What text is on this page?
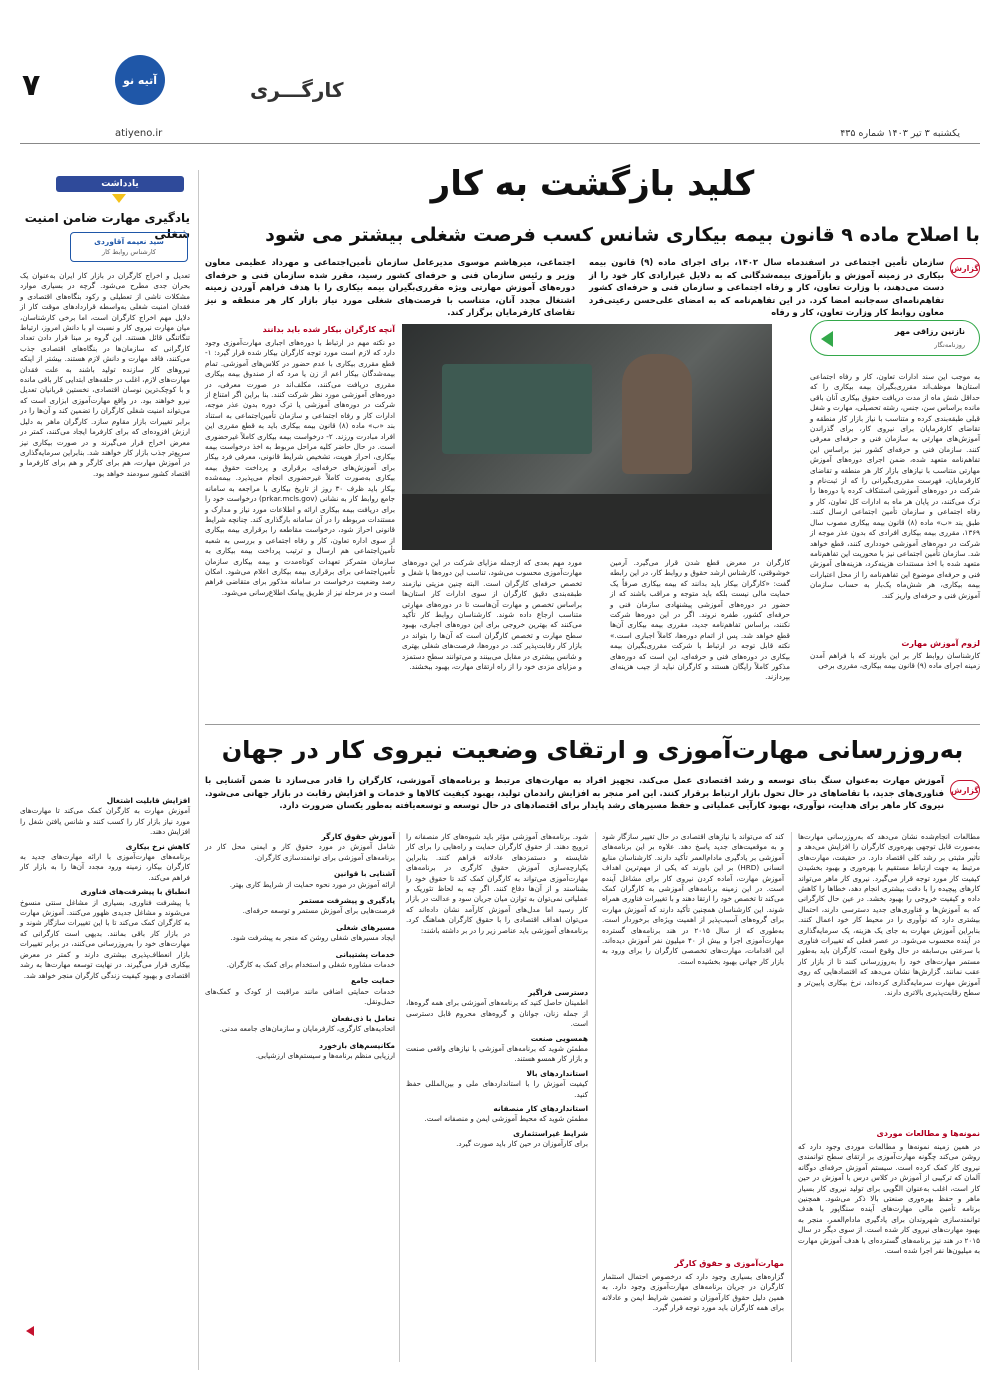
۷	آتیه نو	کارگـــری
atiyeno.ir	یکشنبه ۳ تیر ۱۴۰۳ شماره ۴۳۵
یادداشت
یادگیری مهارت ضامن امنیت شغلی
سید نعیمه آقاوردی
کارشناس روابط کار
تعدیل و اخراج کارگران در بازار کار ایران به‌عنوان یک بحران جدی مطرح می‌شود. گرچه در بسیاری موارد مشکلات ناشی از تعطیلی و رکود بنگاه‌های اقتصادی و فقدان امنیت شغلی به‌واسطه قراردادهای موقت کار از دلایل مهم اخراج کارگران است، اما برخی کارشناسان، میان مهارت نیروی کار و نسبت او با دانش امروز، ارتباط تنگاتنگی قائل هستند. این گروه بر مبنا قرار دادن تعداد کارگرانی که سازمان‌ها در بنگاه‌های اقتصادی جذب می‌کنند، فاقد مهارت و دانش لازم هستند. بیشتر از اینکه نیروهای کار سازنده تولید باشند به علت فقدان مهارت‌های لازم، اغلب در حلقه‌های ابتدایی کار باقی مانده و با کوچک‌ترین نوسان اقتصادی، نخستین قربانیان تعدیل نیرو خواهند بود. در واقع مهارت‌آموزی ابزاری است که می‌تواند امنیت شغلی کارگران را تضمین کند و آن‌ها را در برابر تغییرات بازار مقاوم سازد. کارگران ماهر به دلیل ارزش افزوده‌ای که برای کارفرما ایجاد می‌کنند، کمتر در معرض اخراج قرار می‌گیرند و در صورت بیکاری نیز سریع‌تر جذب بازار کار خواهند شد. بنابراین سرمایه‌گذاری در آموزش مهارت، هم برای کارگر و هم برای کارفرما و اقتصاد کشور سودمند خواهد بود.
افزایش قابلیت اشتغال
آموزش مهارت به کارگران کمک می‌کند تا مهارت‌های مورد نیاز بازار کار را کسب کنند و شانس یافتن شغل را افزایش دهند.
کاهش نرخ بیکاری
برنامه‌های مهارت‌آموزی با ارائه مهارت‌های جدید به کارگران بیکار، زمینه ورود مجدد آن‌ها را به بازار کار فراهم می‌کند.
انطباق با پیشرفت‌های فناوری
با پیشرفت فناوری، بسیاری از مشاغل سنتی منسوخ می‌شوند و مشاغل جدیدی ظهور می‌کنند. آموزش مهارت به کارگران کمک می‌کند تا با این تغییرات سازگار شوند و در بازار کار باقی بمانند. بدیهی است کارگرانی که مهارت‌های خود را به‌روزرسانی می‌کنند، در برابر تغییرات بازار انعطاف‌پذیری بیشتری دارند و کمتر در معرض بیکاری قرار می‌گیرند. در نهایت توسعه مهارت‌ها به رشد اقتصادی و بهبود کیفیت زندگی کارگران منجر خواهد شد.
کلید بازگشت به کار
با اصلاح ماده ۹ قانون بیمه بیکاری شانس کسب فرصت شغلی بیشتر می شود
گزارش
سازمان تأمین اجتماعی در اسفندماه سال ۱۴۰۲، برای اجرای ماده (۹) قانون بیمه بیکاری در زمینه آموزش و بازآموزی بیمه‌شدگانی که به دلایل غیرارادی کار خود را از دست می‌دهند، با وزارت تعاون، کار و رفاه اجتماعی و سازمان فنی و حرفه‌ای کشور تفاهم‌نامه‌ای سه‌جانبه امضا کرد. در این تفاهم‌نامه که به امضای علی‌حسن رعیتی‌فرد معاون روابط کار وزارت تعاون، کار و رفاه
اجتماعی، میرهاشم موسوی مدیرعامل سازمان تأمین‌اجتماعی و مهرداد عظیمی معاون وزیر و رئیس سازمان فنی و حرفه‌ای کشور رسید، مقرر شده سازمان فنی و حرفه‌ای دوره‌های آموزش مهارتی ویژه مقرری‌بگیران بیمه بیکاری را با هدف فراهم آوردن زمینه اشتغال مجدد آنان، متناسب با فرصت‌های شغلی مورد نیاز بازار کار هر منطقه و نیز تقاضای کارفرمایان برگزار کند.
نازنین رزاقی مهر
روزنامه‌نگار
به موجب این سند ادارات تعاون، کار و رفاه اجتماعی استان‌ها موظف‌اند مقرری‌بگیران بیمه بیکاری را که حداقل شش ماه از مدت دریافت حقوق بیکاری آنان باقی مانده براساس سن، جنس، رشته تحصیلی، مهارت و شغل قبلی طبقه‌بندی کرده و متناسب با نیاز بازار کار منطقه و تقاضای کارفرمایان برای نیروی کار، برای گذراندن آموزش‌های مهارتی به سازمان فنی و حرفه‌ای معرفی کنند. سازمان فنی و حرفه‌ای کشور نیز براساس این تفاهم‌نامه متعهد شده، ضمن اجرای دوره‌های آموزش مهارتی متناسب با نیازهای بازار کار هر منطقه و تقاضای کارفرمایان، فهرست مقرری‌بگیرانی را که از ثبت‌نام و شرکت در دوره‌های آموزشی استنکاف کرده یا دوره‌ها را ترک می‌کنند، در پایان هر ماه به ادارات کل تعاون، کار و رفاه اجتماعی و سازمان تأمین اجتماعی ارسال کنند. طبق بند «ب» ماده (۸) قانون بیمه بیکاری مصوب سال ۱۳۶۹، مقرری بیمه بیکاری افرادی که بدون عذر موجه از شرکت در دوره‌های آموزشی خودداری کنند، قطع خواهد شد. سازمان تأمین اجتماعی نیز با محوریت این تفاهم‌نامه متعهد شده با اخذ مستندات هزینه‌کرد، هزینه‌های آموزش فنی و حرفه‌ای موضوع این تفاهم‌نامه را از محل اعتبارات بیمه بیکاری، هر شش‌ماه یک‌بار به حساب سازمان آموزش فنی و حرفه‌ای واریز کند.
لزوم آموزش مهارت
کارشناسان روابط کار بر این باورند که با فراهم آمدن زمینه اجرای ماده (۹) قانون بیمه بیکاری، مقرری‌ برخی
کارگران در معرض قطع شدن قرار می‌گیرد. آرمین خوشوقتی، کارشناس ارشد حقوق و روابط کار، در این رابطه گفت: «کارگران بیکار باید بدانند که بیمه بیکاری صرفاً یک حمایت مالی نیست بلکه باید متوجه و مراقب باشند که از حضور در دوره‌های آموزشی پیشنهادی سازمان فنی و حرفه‌ای کشور، طفره نروند. اگر در این دوره‌ها شرکت نکنند، براساس تفاهم‌نامه جدید، مقرری بیمه بیکاری آن‌ها قطع خواهد شد. پس از اتمام دوره‌ها، کاملاً اجباری است.» نکته قابل توجه در ارتباط با شرکت مقرری‌بگیران بیمه بیکاری در دوره‌های فنی و حرفه‌ای، این است که دوره‌های مذکور کاملاً رایگان هستند و کارگران نباید از جیب هزینه‌ای بپردازند.
مورد مهم بعدی که ازجمله مزایای شرکت در این دوره‌های مهارت‌آموزی محسوب می‌شود، تناسب این دوره‌ها با شغل و تخصص حرفه‌ای کارگران است. البته چنین مزیتی نیازمند طبقه‌بندی دقیق کارگران از سوی ادارات کار استان‌ها براساس تخصص و مهارت آن‌هاست تا در دوره‌های مهارتی متناسب ارجاع داده شوند. کارشناسان روابط کار تأکید می‌کنند که بهترین خروجی برای این دوره‌های اجباری، بهبود سطح مهارت و تخصص کارگران است که آن‌ها را بتواند در بازار کار رقابت‌پذیر کند. در دوره‌ها، فرصت‌های شغلی بهتری و شانس بیشتری در مقابل می‌بینند و می‌توانند سطح دستمزد و مزایای مزدی خود را از راه ارتقای مهارت، بهبود ببخشند.
آنچه کارگران بیکار شده باید بدانند
دو نکته مهم در ارتباط با دوره‌های اجباری مهارت‌آموزی وجود دارد که لازم است مورد توجه کارگران بیکار شده قرار گیرد: ۱- قطع مقرری بیکاری با عدم حضور در کلاس‌های آموزشی. تمام بیمه‌شدگان بیکار اعم از زن یا مرد که از صندوق بیمه بیکاری مقرری دریافت می‌کنند، مکلف‌اند در صورت معرفی، در دوره‌های آموزشی مورد نظر شرکت کنند. بنا براین اگر امتناع از شرکت در دوره‌های آموزشی یا ترک دوره بدون عذر موجه، ادارات کار و رفاه اجتماعی و سازمان تأمین‌اجتماعی به استناد بند «ب» ماده (۸) قانون بیمه بیکاری باید به قطع مقرری این افراد مبادرت ورزند. ۲- درخواست بیمه بیکاری کاملاً غیرحضوری است. در حال حاضر کلیه مراحل مربوط به اخذ درخواست بیمه بیکاری، احراز هویت، تشخیص شرایط قانونی، معرفی فرد بیکار برای آموزش‌های حرفه‌ای، برقراری و پرداخت حقوق بیمه بیکاری به‌صورت کاملاً غیرحضوری انجام می‌پذیرد. بیمه‌شده بیکار باید ظرف ۳۰ روز از تاریخ بیکاری با مراجعه به سامانه جامع روابط کار به نشانی (prkar.mcls.gov) درخواست خود را برای دریافت بیمه بیکاری ارائه و اطلاعات مورد نیاز و مدارک و مستندات مربوطه را در آن سامانه بارگذاری کند. چنانچه شرایط قانونی احراز شود، درخواست مقاطعه را برقراری بیمه بیکاری از سوی اداره تعاون، کار و رفاه اجتماعی و بررسی به شعبه تأمین‌اجتماعی هم ارسال و ترتیب پرداخت بیمه بیکاری به سازمان متمرکز تعهدات کوتاه‌مدت و بیمه بیکاری سازمان تأمین‌اجتماعی برای برقراری بیمه بیکاری اعلام می‌شود. امکان رصد وضعیت درخواست در سامانه مذکور برای متقاضی فراهم است و در مرحله نیز از طریق پیامک اطلاع‌رسانی می‌شود.
به‌روزرسانی مهارت‌آموزی و ارتقای وضعیت نیروی کار در جهان
گزارش
آموزش مهارت به‌عنوان سنگ‌ بنای توسعه و رشد اقتصادی عمل می‌کند. تجهیز افراد به مهارت‌های مرتبط و برنامه‌های آموزشی، کارگران را قادر می‌سازد تا ضمن آشنایی با فناوری‌های جدید، با تقاضاهای در حال تحول بازار ارتباط برقرار کنند. این امر منجر به افزایش راندمان تولید، بهبود کیفیت کالاها و خدمات و افزایش رقابت در بازار جهانی می‌شود. نیروی کار ماهر برای هدایت، نوآوری، بهبود کارآیی عملیاتی و حفظ مسیرهای رشد پایدار برای اقتصادهای در حال توسعه و توسعه‌یافته به‌طور یکسان ضرورت دارد.
مطالعات انجام‌شده نشان می‌دهد که به‌روزرسانی مهارت‌ها به‌صورت قابل توجهی بهره‌وری کارگران را افزایش می‌دهد و تأثیر مثبتی بر رشد کلی اقتصاد دارد. در حقیقت، مهارت‌های مرتبط به جهت ارتباط مستقیم با بهره‌وری و بهبود بخشیدن کیفیت کار مورد توجه قرار می‌گیرد. نیروی کار ماهر می‌تواند کارهای پیچیده را با دقت بیشتری انجام دهد، خطاها را کاهش داده و کیفیت خروجی را بهبود بخشد. در عین حال کارگرانی که به آموزش‌ها و فناوری‌های جدید دسترسی دارند، احتمال بیشتری دارد که نوآوری را در محیط کار خود اعمال کنند. بنابراین آموزش مهارت به جای یک هزینه، یک سرمایه‌گذاری در آینده محسوب می‌شود. در عصر فعلی که تغییرات فناوری با سرعتی بی‌سابقه در حال وقوع است، کارگران باید به‌طور مستمر مهارت‌های خود را به‌روزرسانی کنند تا از بازار کار عقب نمانند. گزارش‌ها نشان می‌دهد که اقتصادهایی که روی آموزش مهارت سرمایه‌گذاری کرده‌اند، نرخ بیکاری پایین‌تر و سطح رقابت‌پذیری بالاتری دارند.
نمونه‌ها و مطالعات موردی
در همین زمینه نمونه‌ها و مطالعات موردی وجود دارد که روشن می‌کند چگونه مهارت‌آموزی بر ارتقای سطح توانمندی نیروی کار کمک کرده است. سیستم آموزش حرفه‌ای دوگانه آلمان که ترکیبی از آموزش در کلاس درس با آموزش در حین کار است، اغلب به‌عنوان الگویی برای تولید نیروی کار بسیار ماهر و حفظ بهره‌وری صنعتی بالا ذکر می‌شود. همچنین برنامه تأمین مالی مهارت‌های آینده سنگاپور با هدف توانمندسازی شهروندان برای یادگیری مادام‌العمر، منجر به بهبود مهارت‌های نیروی کار شده است. از سوی دیگر در سال ۲۰۱۵ در هند نیز برنامه‌های گسترده‌ای با هدف آموزش مهارت به میلیون‌ها نفر اجرا شده است.
کند که می‌تواند با نیازهای اقتصادی در حال تغییر سازگار شود و به موقعیت‌های جدید پاسخ دهد. علاوه بر این برنامه‌های آموزشی بر یادگیری مادام‌العمر تأکید دارند. کارشناسان منابع انسانی (HRD) بر این باورند که یکی از مهم‌ترین اهداف آموزش مهارت، آماده کردن نیروی کار برای مشاغل آینده است. در این زمینه برنامه‌های آموزشی به کارگران کمک می‌کند تا تخصص خود را ارتقا دهند و با تغییرات فناوری همراه شوند. این کارشناسان همچنین تأکید دارند که آموزش مهارت برای گروه‌های آسیب‌پذیر از اهمیت ویژه‌ای برخوردار است. به‌طوری که از سال ۲۰۱۵ در هند برنامه‌های گسترده مهارت‌آموزی اجرا و بیش از ۴۰ میلیون نفر آموزش دیده‌اند. این اقدامات، مهارت‌های تخصصی کارگران را برای ورود به بازار کار جهانی بهبود بخشیده است.
مهارت‌آموزی و حقوق کارگر
گزاره‌های بسیاری وجود دارد که درخصوص احتمال استثمار کارگران در جریان برنامه‌های مهارت‌آموزی وجود دارد. به همین دلیل حقوق کارآموزان و تضمین شرایط ایمن و عادلانه برای همه کارگران باید مورد توجه قرار گیرد.
شود. برنامه‌های آموزشی مؤثر باید شیوه‌های کار منصفانه را ترویج دهند. از حقوق کارگران حمایت و راه‌هایی را برای کار شایسته و دستمزدهای عادلانه فراهم کنند. بنابراین یکپارچه‌سازی آموزش حقوق کارگری در برنامه‌های مهارت‌آموزی می‌تواند به کارگران کمک کند تا حقوق خود را بشناسند و از آن‌ها دفاع کنند. اگر چه به لحاظ تئوریک و عملیاتی نمی‌توان به توازن میان جریان سود و عدالت در بازار کار رسید اما مدل‌های آموزش کارآمد نشان داده‌اند که می‌توان اهداف اقتصادی را با حقوق کارگران هماهنگ کرد. برنامه‌های آموزشی باید عناصر زیر را در بر داشته باشند:
دسترسی فراگیر
اطمینان حاصل کنید که برنامه‌های آموزشی برای همه گروه‌ها، از جمله زنان، جوانان و گروه‌های محروم قابل دسترسی است.
همسویی صنعت
مطمئن شوید که برنامه‌های آموزشی با نیازهای واقعی صنعت و بازار کار همسو هستند.
استانداردهای بالا
کیفیت آموزش را با استانداردهای ملی و بین‌المللی حفظ کنید.
استانداردهای کار منصفانه
مطمئن شوید که محیط آموزشی ایمن و منصفانه است.
شرایط غیراستثماری
برای کارآموزان در حین کار باید صورت گیرد.
آموزش حقوق کارگر
شامل آموزش در مورد حقوق کار و ایمنی محل کار در برنامه‌های آموزشی برای توانمندسازی کارگران.
آشنایی با قوانین
ارائه آموزش در مورد نحوه حمایت از شرایط کاری بهتر.
یادگیری و پیشرفت مستمر
فرصت‌هایی برای آموزش مستمر و توسعه حرفه‌ای.
مسیرهای شغلی
ایجاد مسیرهای شغلی روشن که منجر به پیشرفت شود.
خدمات پشتیبانی
خدمات مشاوره شغلی و استخدام برای کمک به کارگران.
حمایت جامع
خدمات حمایتی اضافی مانند مراقبت از کودک و کمک‌های حمل‌ونقل.
تعامل با ذی‌نفعان
اتحادیه‌های کارگری، کارفرمایان و سازمان‌های جامعه مدنی.
مکانیسم‌های بازخورد
ارزیابی منظم برنامه‌ها و سیستم‌های ارزشیابی.
